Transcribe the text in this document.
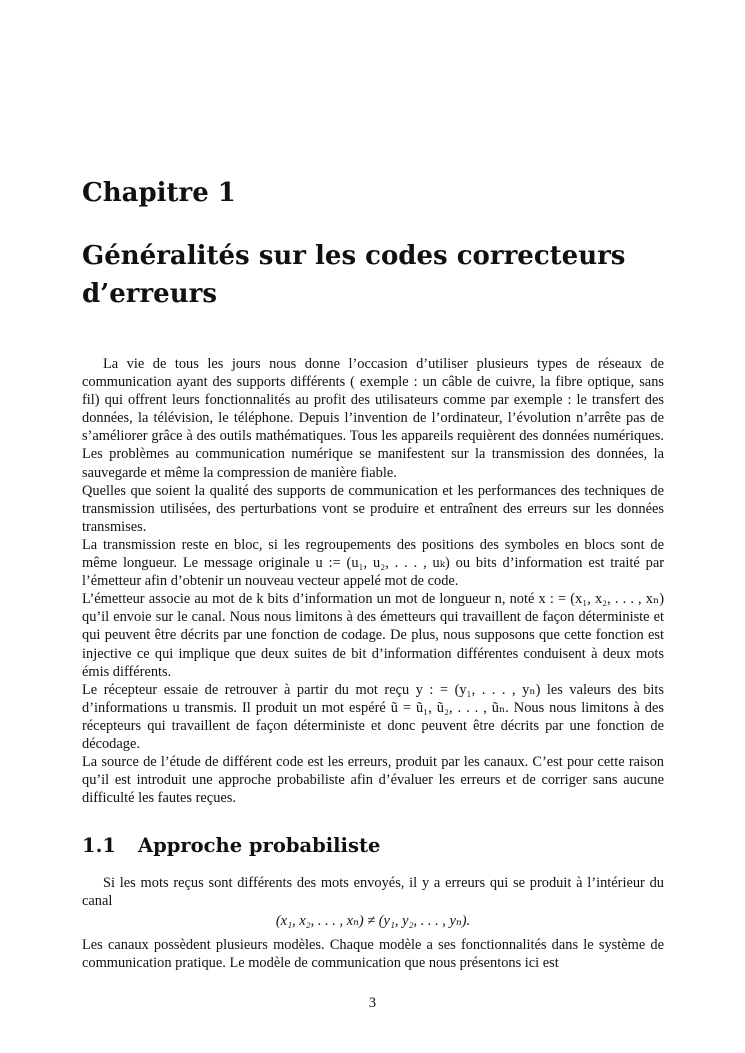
Chapitre 1
Généralités sur les codes correcteurs d’erreurs

La vie de tous les jours nous donne l’occasion d’utiliser plusieurs types de réseaux de communication ayant des supports différents ( exemple : un câble de cuivre, la fibre optique, sans fil) qui offrent leurs fonctionnalités au profit des utilisateurs comme par exemple : le transfert des données, la télévision, le téléphone. Depuis l’invention de l’ordinateur, l’évolution n’arrête pas de s’améliorer grâce à des outils mathématiques. Tous les appareils requièrent des données numériques. Les problèmes au communication numérique se manifestent sur la transmission des données, la sauvegarde et même la compression de manière fiable.

Quelles que soient la qualité des supports de communication et les performances des techniques de transmission utilisées, des perturbations vont se produire et entraînent des erreurs sur les données transmises.

La transmission reste en bloc, si les regroupements des positions des symboles en blocs sont de même longueur. Le message originale u := (u₁, u₂, . . . , uₖ) ou bits d’information est traité par l’émetteur afin d’obtenir un nouveau vecteur appelé mot de code.

L’émetteur associe au mot de k bits d’information un mot de longueur n, noté x : = (x₁, x₂, . . . , xₙ) qu’il envoie sur le canal. Nous nous limitons à des émetteurs qui travaillent de façon déterministe et qui peuvent être décrits par une fonction de codage. De plus, nous supposons que cette fonction est injective ce qui implique que deux suites de bit d’information différentes conduisent à deux mots émis différents.

Le récepteur essaie de retrouver à partir du mot reçu y : = (y₁, . . . , yₙ) les valeurs des bits d’informations u transmis. Il produit un mot espéré ũ = ũ₁, ũ₂, . . . , ũₙ. Nous nous limitons à des récepteurs qui travaillent de façon déterministe et donc peuvent être décrits par une fonction de décodage.

La source de l’étude de différent code est les erreurs, produit par les canaux. C’est pour cette raison qu’il est introduit une approche probabiliste afin d’évaluer les erreurs et de corriger sans aucune difficulté les fautes reçues.

1.1 Approche probabiliste

Si les mots reçus sont différents des mots envoyés, il y a erreurs qui se produit à l’intérieur du canal

(x₁, x₂, . . . , xₙ) ≠ (y₁, y₂, . . . , yₙ).

Les canaux possèdent plusieurs modèles. Chaque modèle a ses fonctionnalités dans le système de communication pratique. Le modèle de communication que nous présentons ici est

3
